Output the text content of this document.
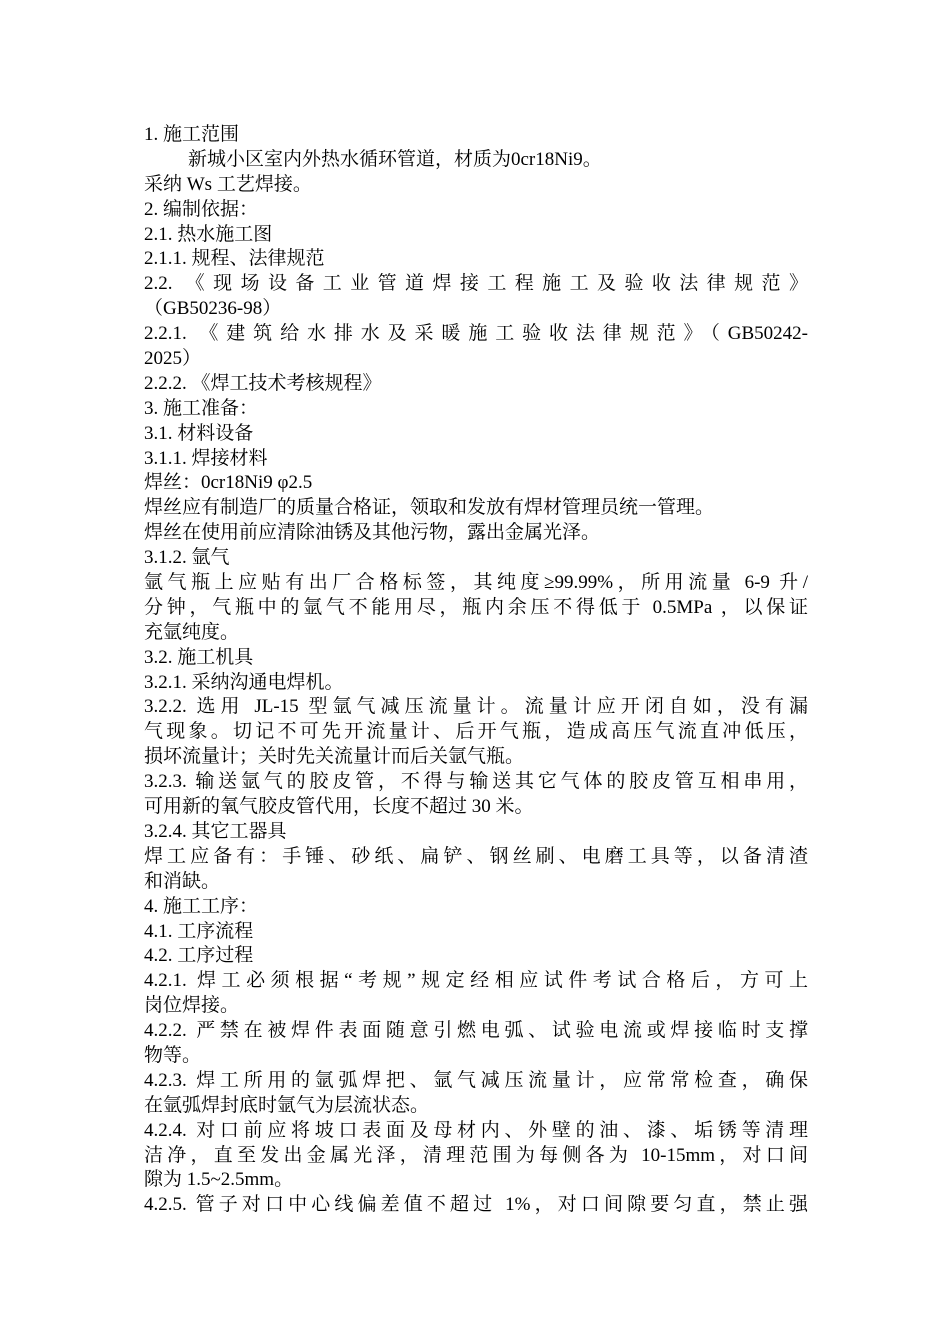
1. 施工范围
新城小区室内外热水循环管道，材质为0cr18Ni9。
采纳 Ws 工艺焊接。
2. 编制依据：
2.1. 热水施工图
2.1.1. 规程、法律规范
2.2. 《现场设备工业管道焊接工程施工及验收法律规范》
（GB50236-98）
2.2.1. 《建筑给水排水及采暖施工验收法律规范》（GB50242-
2025）
2.2.2. 《焊工技术考核规程》
3. 施工准备：
3.1. 材料设备
3.1.1. 焊接材料
焊丝：0cr18Ni9 φ2.5
焊丝应有制造厂的质量合格证，领取和发放有焊材管理员统一管理。
焊丝在使用前应清除油锈及其他污物，露出金属光泽。
3.1.2. 氩气
氩气瓶上应贴有出厂合格标签，其纯度≥99.99%，所用流量 6-9 升/
分钟，气瓶中的氩气不能用尽，瓶内余压不得低于 0.5MPa ，以保证
充氩纯度。
3.2. 施工机具
3.2.1. 采纳沟通电焊机。
3.2.2. 选用 JL-15 型氩气减压流量计。流量计应开闭自如，没有漏
气现象。切记不可先开流量计、后开气瓶，造成高压气流直冲低压，
损坏流量计；关时先关流量计而后关氩气瓶。
3.2.3. 输送氩气的胶皮管，不得与输送其它气体的胶皮管互相串用，
可用新的氧气胶皮管代用，长度不超过 30 米。
3.2.4. 其它工器具
焊工应备有：手锤、砂纸、扁铲、钢丝刷、电磨工具等，以备清渣
和消缺。
4. 施工工序：
4.1. 工序流程
4.2. 工序过程
4.2.1. 焊工必须根据“考规”规定经相应试件考试合格后，方可上
岗位焊接。
4.2.2. 严禁在被焊件表面随意引燃电弧、试验电流或焊接临时支撑
物等。
4.2.3. 焊工所用的氩弧焊把、氩气减压流量计，应常常检查，确保
在氩弧焊封底时氩气为层流状态。
4.2.4. 对口前应将坡口表面及母材内、外壁的油、漆、垢锈等清理
洁净，直至发出金属光泽，清理范围为每侧各为 10-15mm，对口间
隙为 1.5~2.5mm。
4.2.5. 管子对口中心线偏差值不超过 1%，对口间隙要匀直，禁止强
